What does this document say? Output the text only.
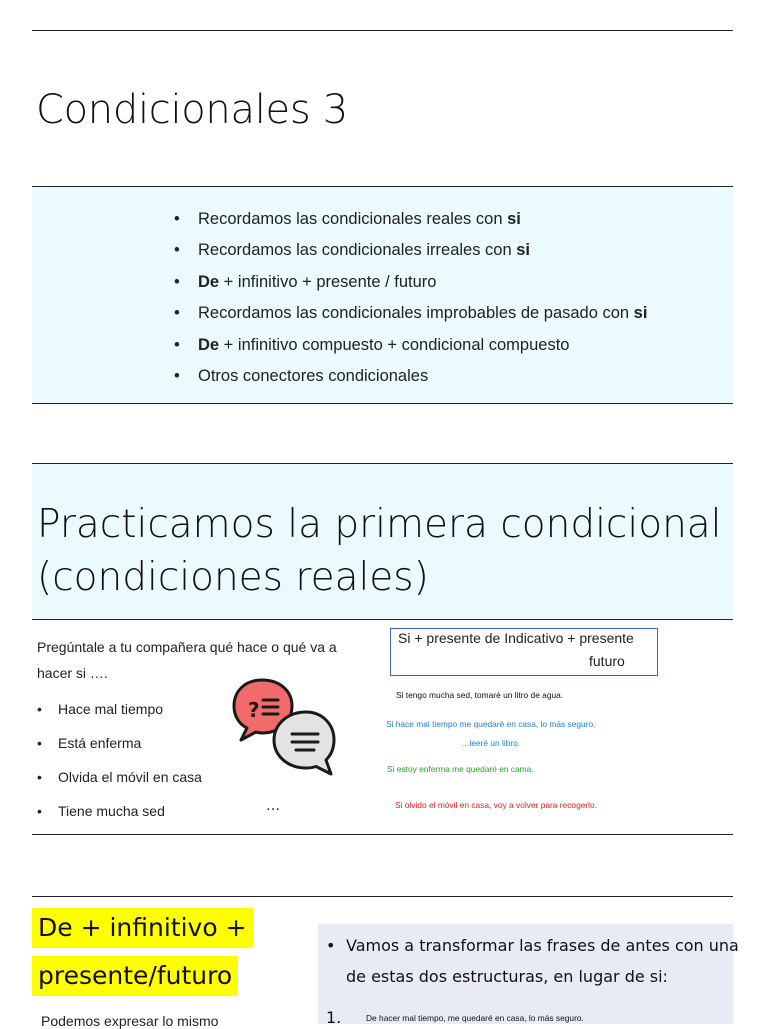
Condicionales 3
• Recordamos las condicionales reales con si
• Recordamos las condicionales irreales con si
• De + infinitivo + presente / futuro
• Recordamos las condicionales improbables de pasado con si
• De + infinitivo compuesto + condicional compuesto
• Otros conectores condicionales
Practicamos la primera condicional (condiciones reales)
Pregúntale a tu compañera qué hace o qué va a hacer si ….
• Hace mal tiempo
• Está enferma
• Olvida el móvil en casa
• Tiene mucha sed	…
?
Si + presente de Indicativo + presente
futuro
Si tengo mucha sed, tomaré un litro de agua.
Si hace mal tiempo me quedaré en casa, lo más seguro.
…leeré un libro.
Si estoy enferma me quedaré en cama.
Si olvido el móvil en casa, voy a volver para recogerlo.
De + infinitivo +
presente/futuro
Podemos expresar lo mismo
• Vamos a transformar las frases de antes con una de estas dos estructuras, en lugar de si:
1.	De hacer mal tiempo, me quedaré en casa, lo más seguro.
